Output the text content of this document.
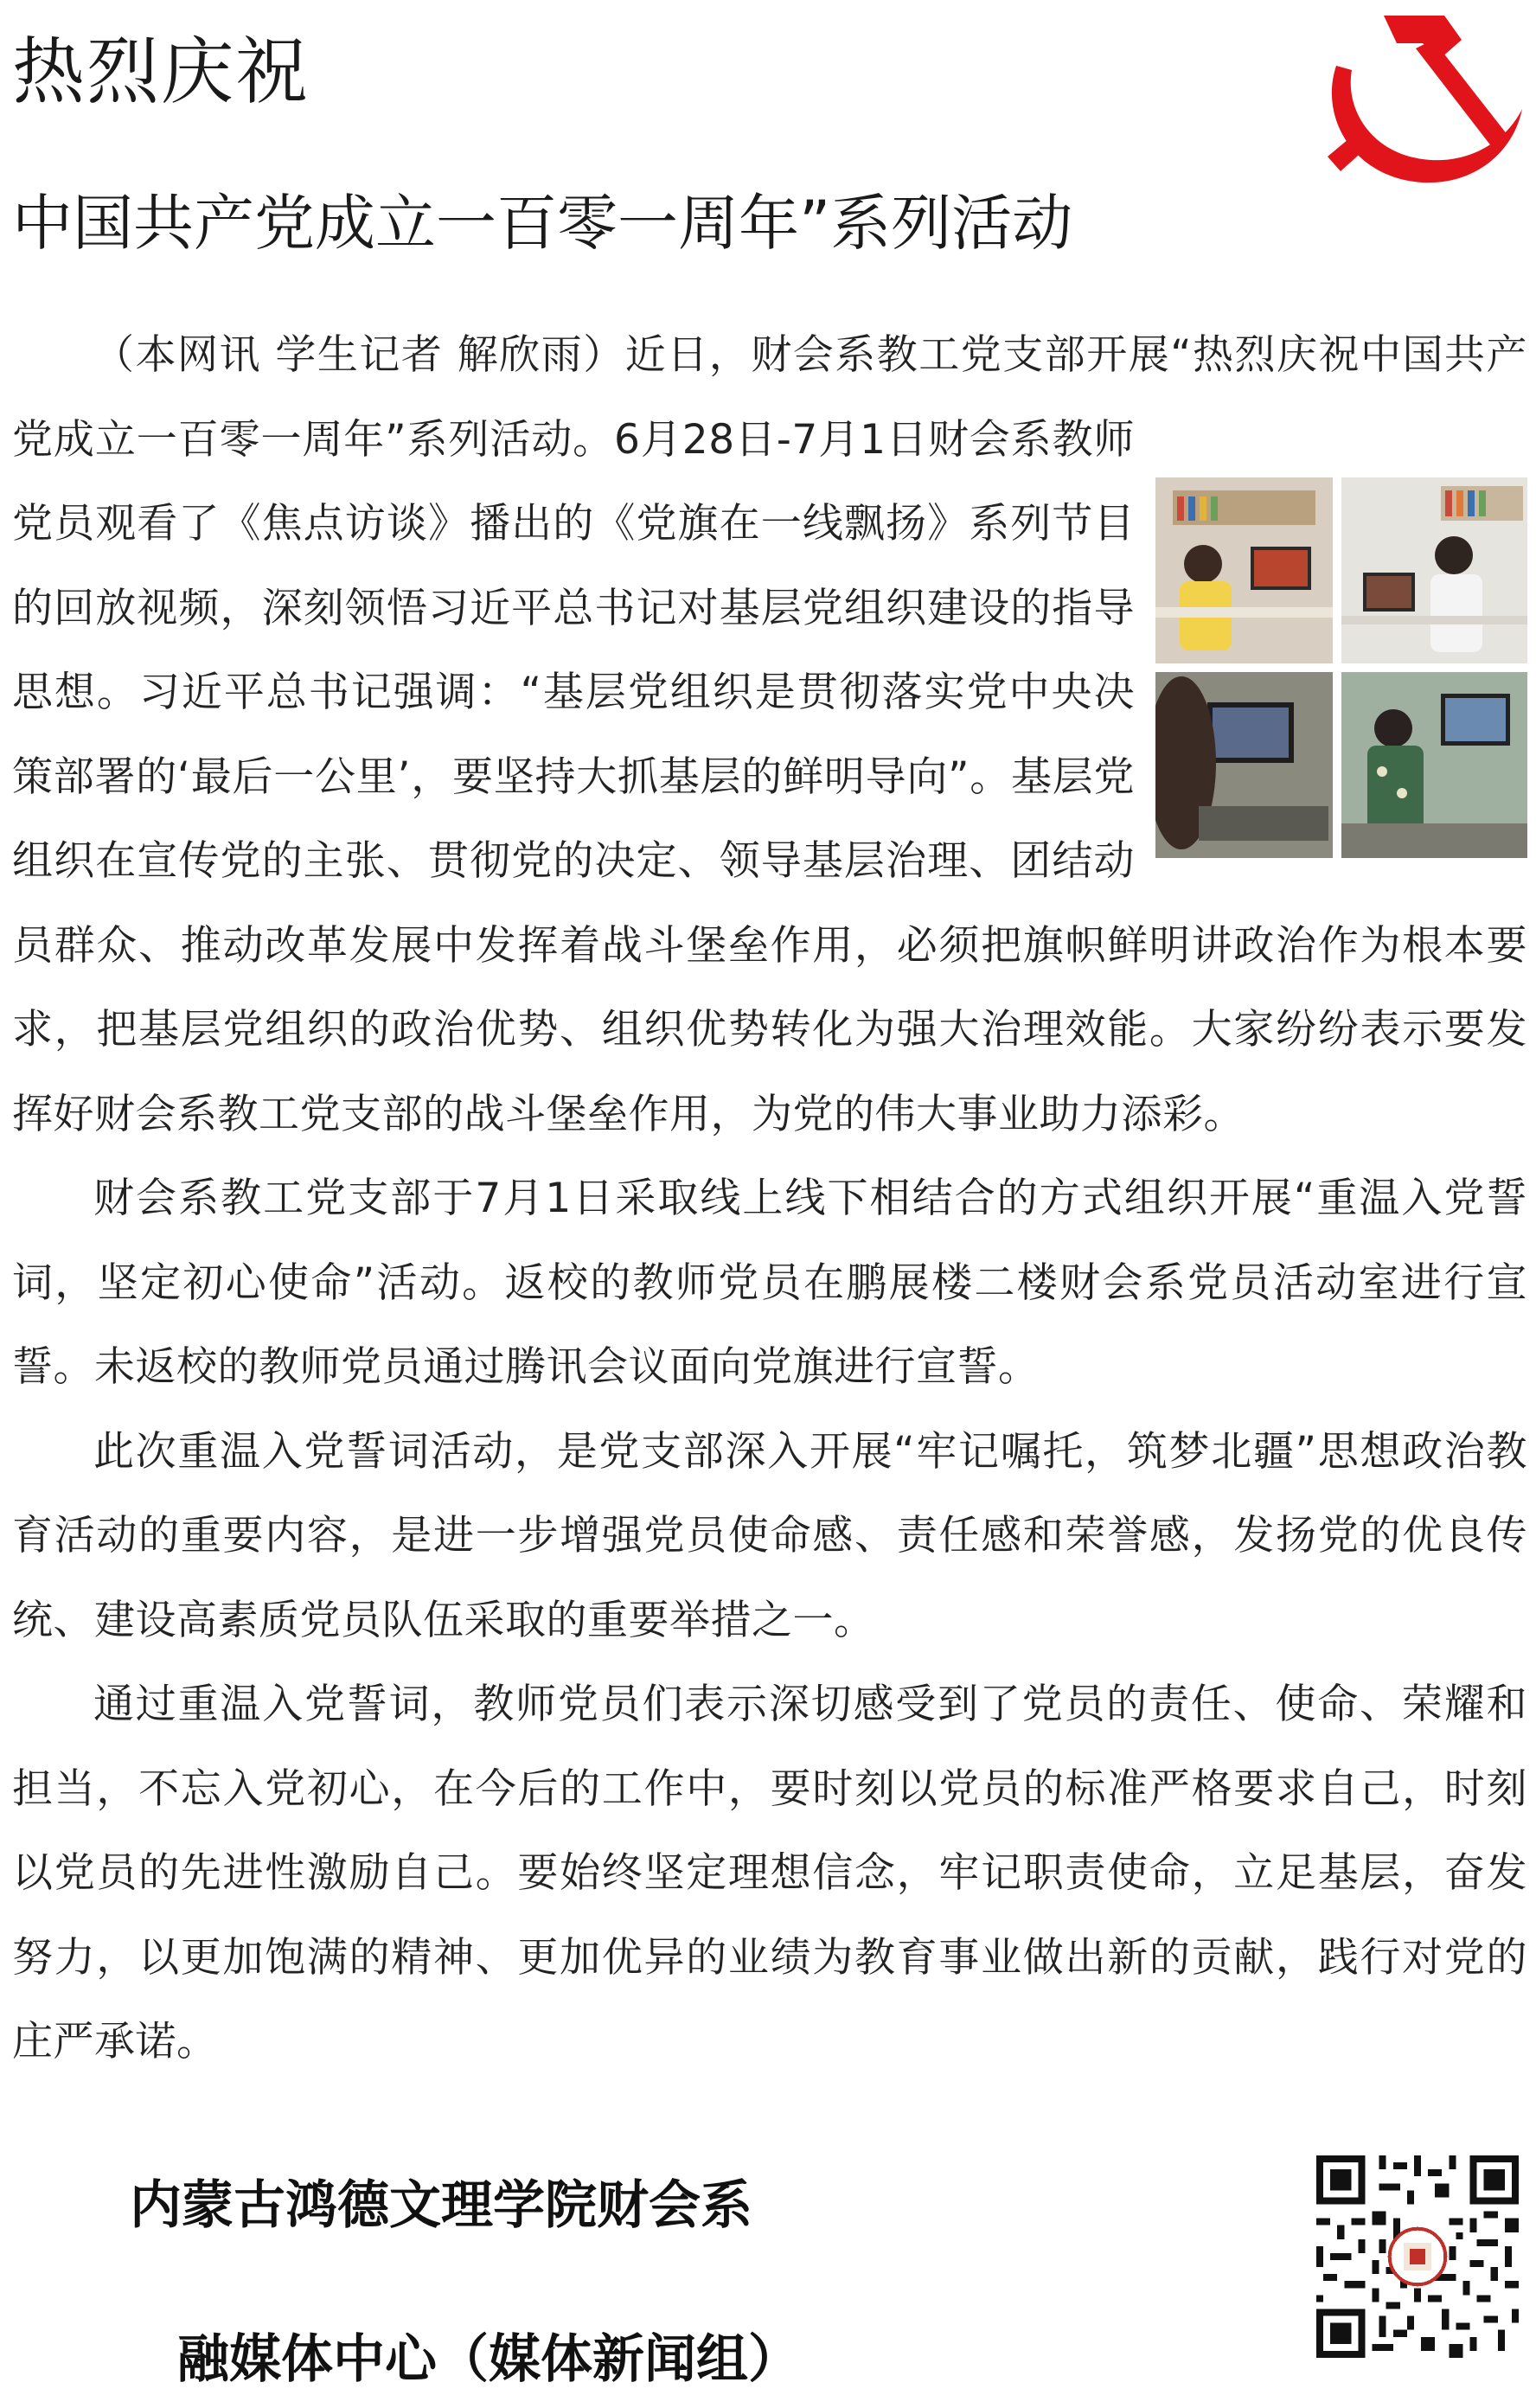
热烈庆祝
中国共产党成立一百零一周年”系列活动

（本网讯 学生记者 解欣雨）近日，财会系教工党支部开展“热烈庆祝中国共产党成立一百零一周年”系列活动。6月28日-7月1日财会系教师党员观看了《焦点访谈》播出的《党旗在一线飘扬》系列节目的回放视频，深刻领悟习近平总书记对基层党组织建设的指导思想。习近平总书记强调：“基层党组织是贯彻落实党中央决策部署的‘最后一公里’，要坚持大抓基层的鲜明导向”。基层党组织在宣传党的主张、贯彻党的决定、领导基层治理、团结动员群众、推动改革发展中发挥着战斗堡垒作用，必须把旗帜鲜明讲政治作为根本要求，把基层党组织的政治优势、组织优势转化为强大治理效能。大家纷纷表示要发挥好财会系教工党支部的战斗堡垒作用，为党的伟大事业助力添彩。

财会系教工党支部于7月1日采取线上线下相结合的方式组织开展“重温入党誓词，坚定初心使命”活动。返校的教师党员在鹏展楼二楼财会系党员活动室进行宣誓。未返校的教师党员通过腾讯会议面向党旗进行宣誓。

此次重温入党誓词活动，是党支部深入开展“牢记嘱托，筑梦北疆”思想政治教育活动的重要内容，是进一步增强党员使命感、责任感和荣誉感，发扬党的优良传统、建设高素质党员队伍采取的重要举措之一。

通过重温入党誓词，教师党员们表示深切感受到了党员的责任、使命、荣耀和担当，不忘入党初心，在今后的工作中，要时刻以党员的标准严格要求自己，时刻以党员的先进性激励自己。要始终坚定理想信念，牢记职责使命，立足基层，奋发努力，以更加饱满的精神、更加优异的业绩为教育事业做出新的贡献，践行对党的庄严承诺。

内蒙古鸿德文理学院财会系
融媒体中心（媒体新闻组）
